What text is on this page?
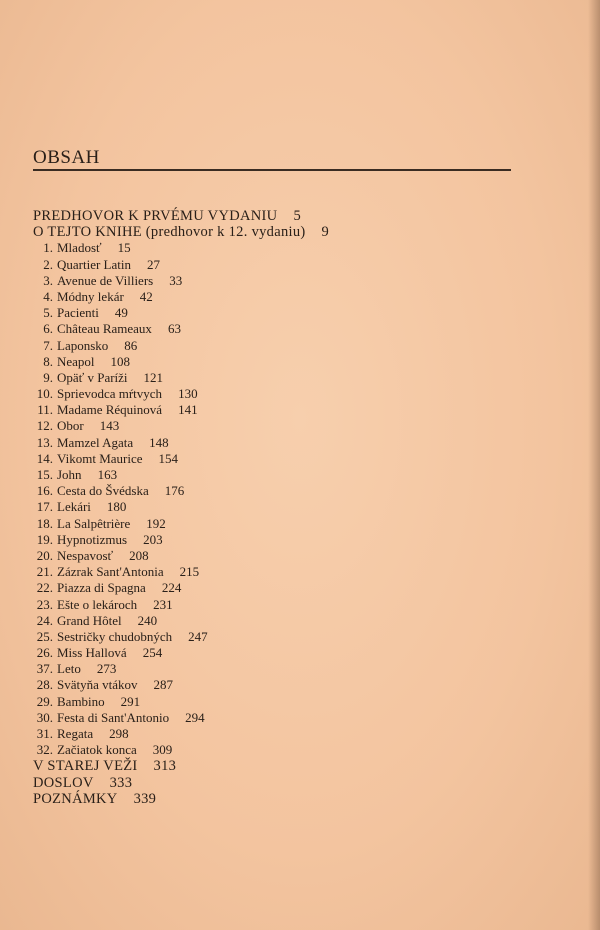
OBSAH
PREDHOVOR K PRVÉMU VYDANIU 5
O TEJTO KNIHE (predhovor k 12. vydaniu) 9
1. Mladosť 15
2. Quartier Latin 27
3. Avenue de Villiers 33
4. Módny lekár 42
5. Pacienti 49
6. Château Rameaux 63
7. Laponsko 86
8. Neapol 108
9. Opäť v Paríži 121
10. Sprievodca mŕtvych 130
11. Madame Réquinová 141
12. Obor 143
13. Mamzel Agata 148
14. Vikomt Maurice 154
15. John 163
16. Cesta do Švédska 176
17. Lekári 180
18. La Salpêtrière 192
19. Hypnotizmus 203
20. Nespavosť 208
21. Zázrak Sant'Antonia 215
22. Piazza di Spagna 224
23. Ešte o lekároch 231
24. Grand Hôtel 240
25. Sestričky chudobných 247
26. Miss Hallová 254
37. Leto 273
28. Svätyňa vtákov 287
29. Bambino 291
30. Festa di Sant'Antonio 294
31. Regata 298
32. Začiatok konca 309
V STAREJ VEŽI 313
DOSLOV 333
POZNÁMKY 339
